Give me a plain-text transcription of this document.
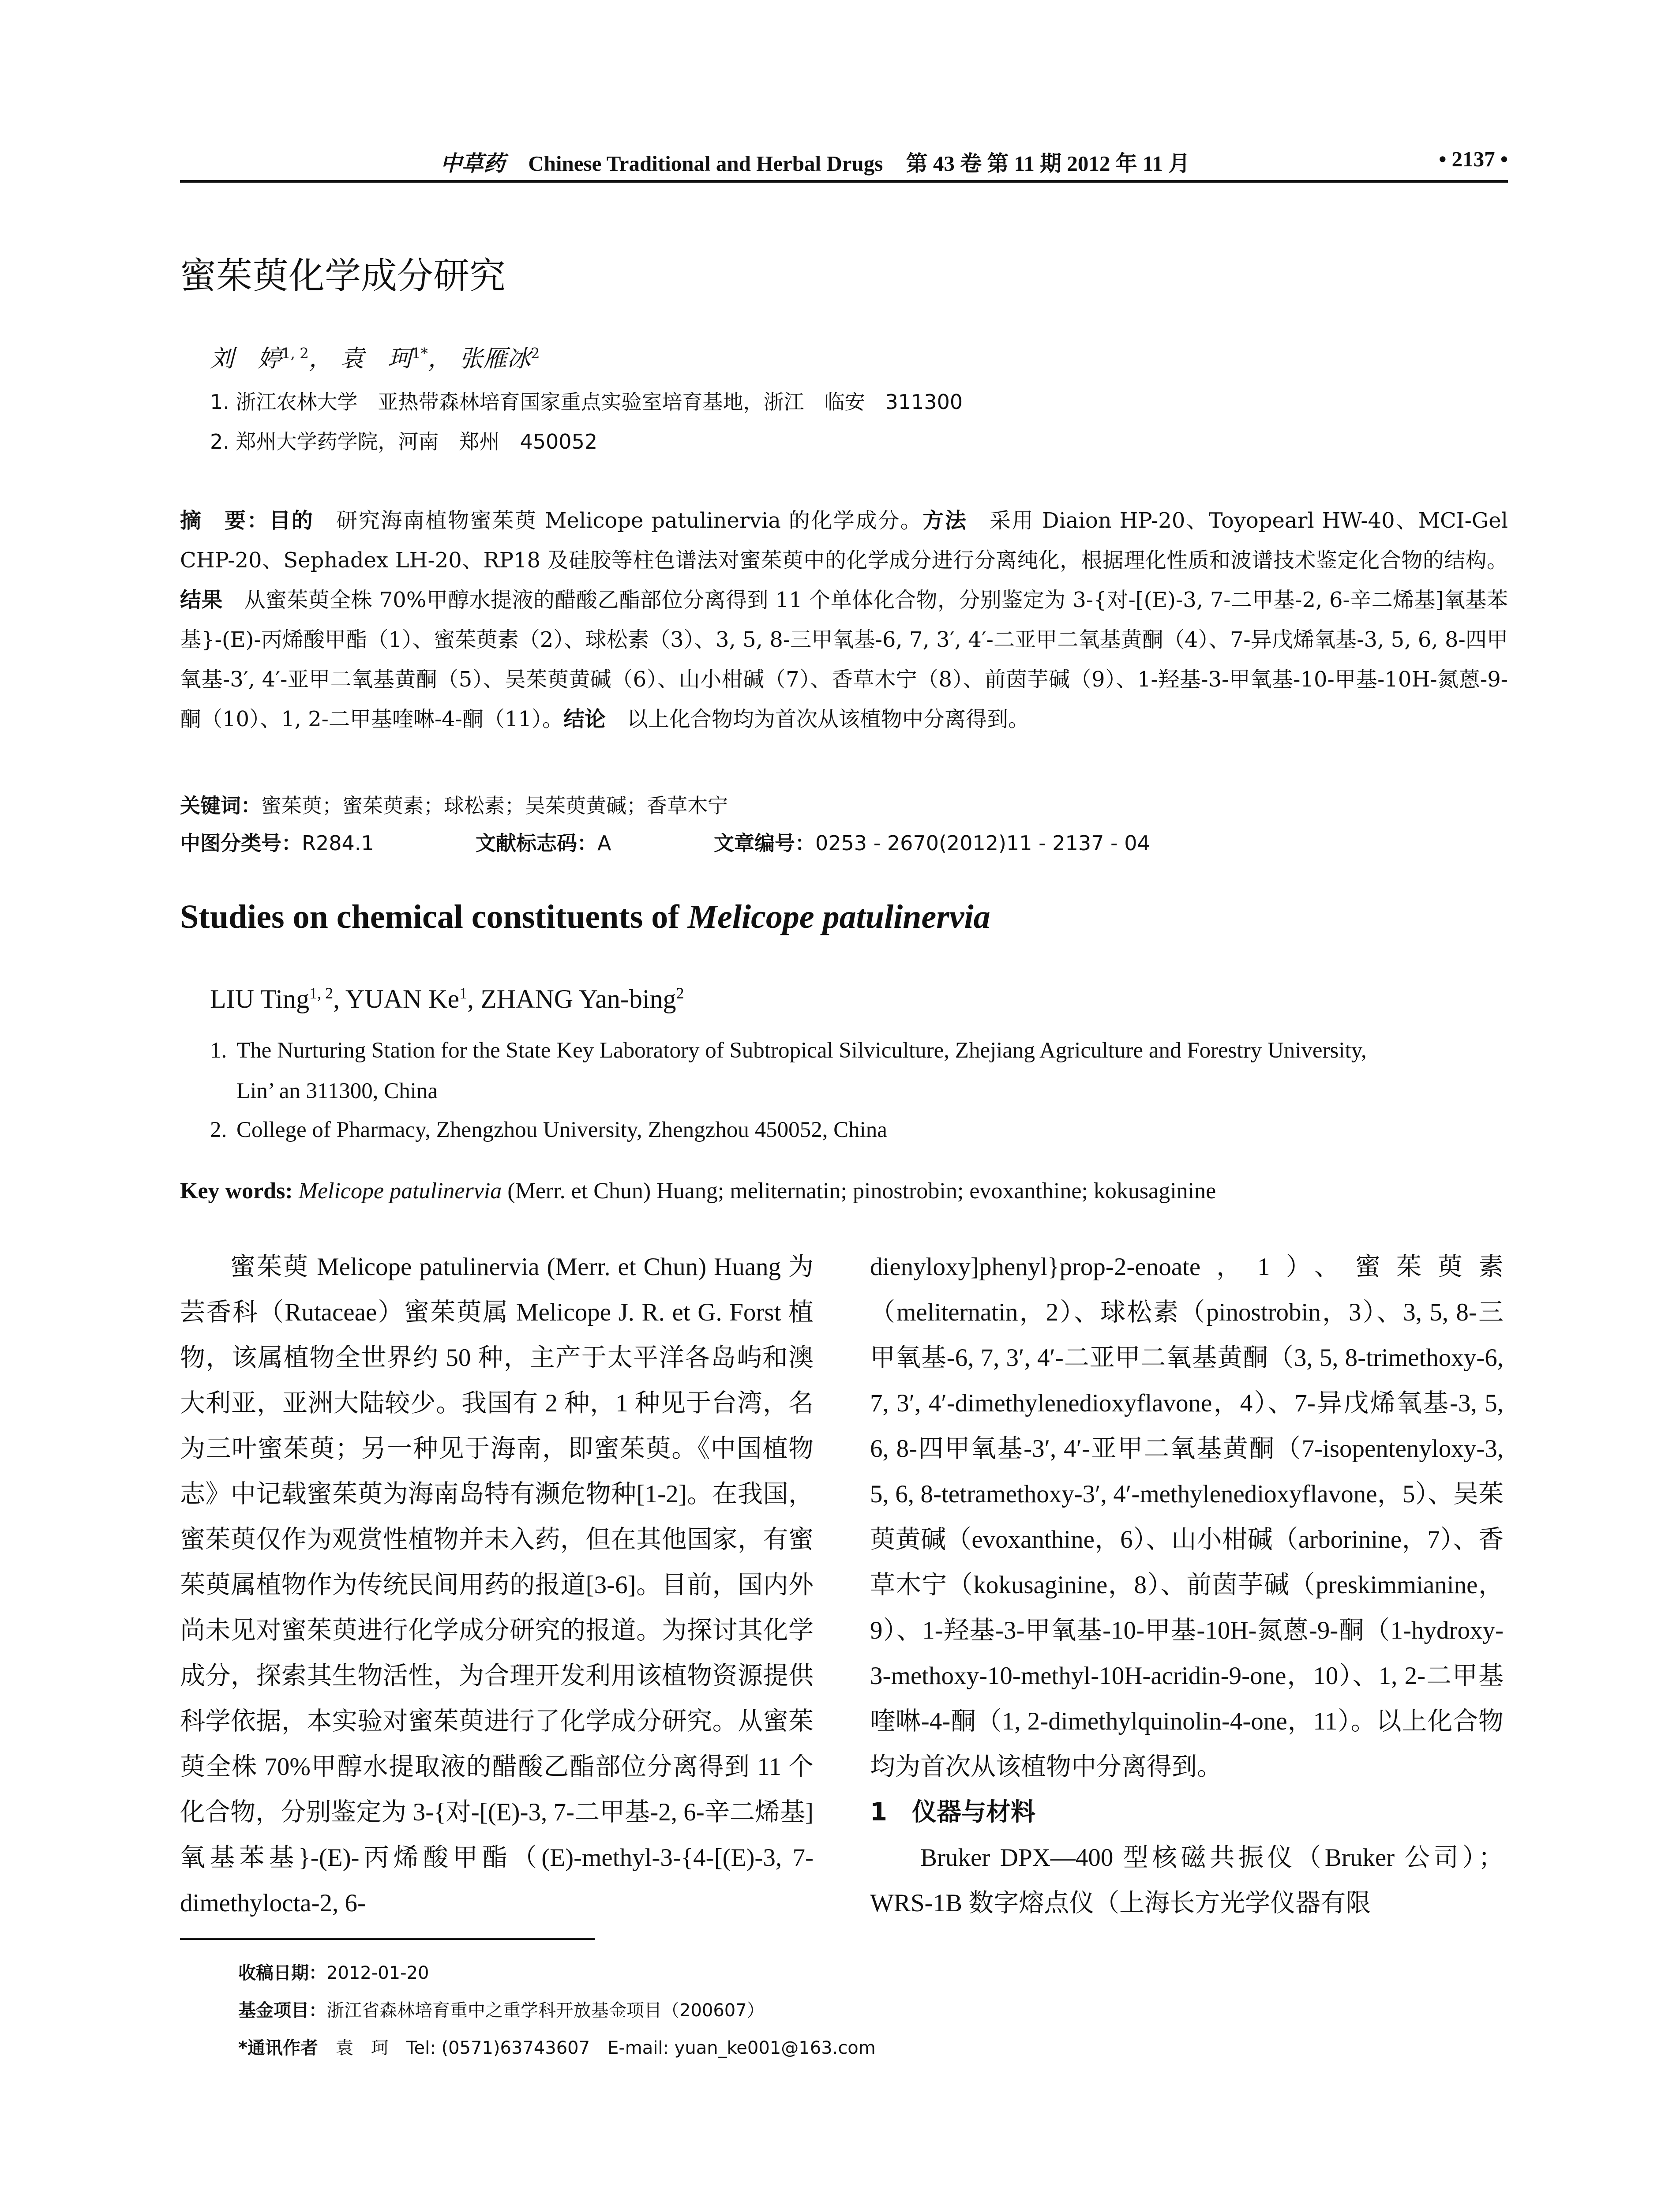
中草药 Chinese Traditional and Herbal Drugs 第 43 卷 第 11 期 2012 年 11 月	• 2137 •
蜜茱萸化学成分研究
刘　婷$^{1, 2}$， 袁　珂$^{1*}$， 张雁冰$^2$
1. 浙江农林大学　亚热带森林培育国家重点实验室培育基地，浙江　临安　311300
2. 郑州大学药学院，河南　郑州　450052
摘　要：目的　 研究海南植物蜜茱萸 Melicope patulinervia 的化学成分。方法　 采用 Diaion HP-20、Toyopearl HW-40、MCI-Gel CHP-20、Sephadex LH-20、RP18 及硅胶等柱色谱法对蜜茱萸中的化学成分进行分离纯化，根据理化性质和波谱技术鉴定化合物的结构。结果　 从蜜茱萸全株 70%甲醇水提液的醋酸乙酯部位分离得到 11 个单体化合物，分别鉴定为 3-{对-[(E)-3, 7-二甲基-2, 6-辛二烯基]氧基苯基}-(E)-丙烯酸甲酯（1）、蜜茱萸素（2）、球松素（3）、3, 5, 8-三甲氧基-6, 7, 3′, 4′-二亚甲二氧基黄酮（4）、7-异戊烯氧基-3, 5, 6, 8-四甲氧基-3′, 4′-亚甲二氧基黄酮（5）、吴茱萸黄碱（6）、山小柑碱（7）、香草木宁（8）、前茵芋碱（9）、1-羟基-3-甲氧基-10-甲基-10H-氮蒽-9-酮（10）、1, 2-二甲基喹啉-4-酮（11）。结论　 以上化合物均为首次从该植物中分离得到。
关键词：蜜茱萸；蜜茱萸素；球松素；吴茱萸黄碱；香草木宁
中图分类号：R284.1	文献标志码：A	文章编号：0253 - 2670(2012)11 - 2137 - 04
Studies on chemical constituents of Melicope patulinervia
LIU Ting$^{1, 2}$, YUAN Ke$^1$, ZHANG Yan-bing$^2$
1. The Nurturing Station for the State Key Laboratory of Subtropical Silviculture, Zhejiang Agriculture and Forestry University,
Lin’ an 311300, China
2. College of Pharmacy, Zhengzhou University, Zhengzhou 450052, China
Key words: Melicope patulinervia (Merr. et Chun) Huang; meliternatin; pinostrobin; evoxanthine; kokusaginine

蜜茱萸 Melicope patulinervia (Merr. et Chun) Huang 为芸香科（Rutaceae）蜜茱萸属 Melicope J. R. et G. Forst 植物，该属植物全世界约 50 种，主产于太平洋各岛屿和澳大利亚，亚洲大陆较少。我国有 2 种，1 种见于台湾，名为三叶蜜茱萸；另一种见于海南，即蜜茱萸。《中国植物志》中记载蜜茱萸为海南岛特有濒危物种[1-2]。在我国，蜜茱萸仅作为观赏性植物并未入药，但在其他国家，有蜜茱萸属植物作为传统民间用药的报道[3-6]。目前，国内外尚未见对蜜茱萸进行化学成分研究的报道。为探讨其化学成分，探索其生物活性，为合理开发利用该植物资源提供科学依据，本实验对蜜茱萸进行了化学成分研究。从蜜茱萸全株 70%甲醇水提取液的醋酸乙酯部位分离得到 11 个化合物，分别鉴定为 3-{对-[(E)-3, 7-二甲基-2, 6-辛二烯基]氧基苯基}-(E)-丙烯酸甲酯（(E)-methyl-3-{4-[(E)-3, 7-dimethylocta-2, 6-

dienyloxy]phenyl}prop-2-enoate，1）、蜜茱萸素（meliternatin，2）、球松素（pinostrobin，3）、3, 5, 8-三甲氧基-6, 7, 3′, 4′-二亚甲二氧基黄酮（3, 5, 8-trimethoxy-6, 7, 3′, 4′-dimethylenedioxyflavone，4）、7-异戊烯氧基-3, 5, 6, 8-四甲氧基-3′, 4′-亚甲二氧基黄酮（7-isopentenyloxy-3, 5, 6, 8-tetramethoxy-3′, 4′-methylenedioxyflavone，5）、吴茱萸黄碱（evoxanthine，6）、山小柑碱（arborinine，7）、香草木宁（kokusaginine，8）、前茵芋碱（preskimmianine，9）、1-羟基-3-甲氧基-10-甲基-10H-氮蒽-9-酮（1-hydroxy-3-methoxy-10-methyl-10H-acridin-9-one，10）、1, 2-二甲基喹啉-4-酮（1, 2-dimethylquinolin-4-one，11）。以上化合物均为首次从该植物中分离得到。

1　仪器与材料

Bruker DPX—400 型核磁共振仪（Bruker 公司）；WRS-1B 数字熔点仪（上海长方光学仪器有限

收稿日期：2012-01-20
基金项目：浙江省森林培育重中之重学科开放基金项目（200607）
*通讯作者　袁　珂　Tel: (0571)63743607　E-mail: yuan_ke001@163.com
